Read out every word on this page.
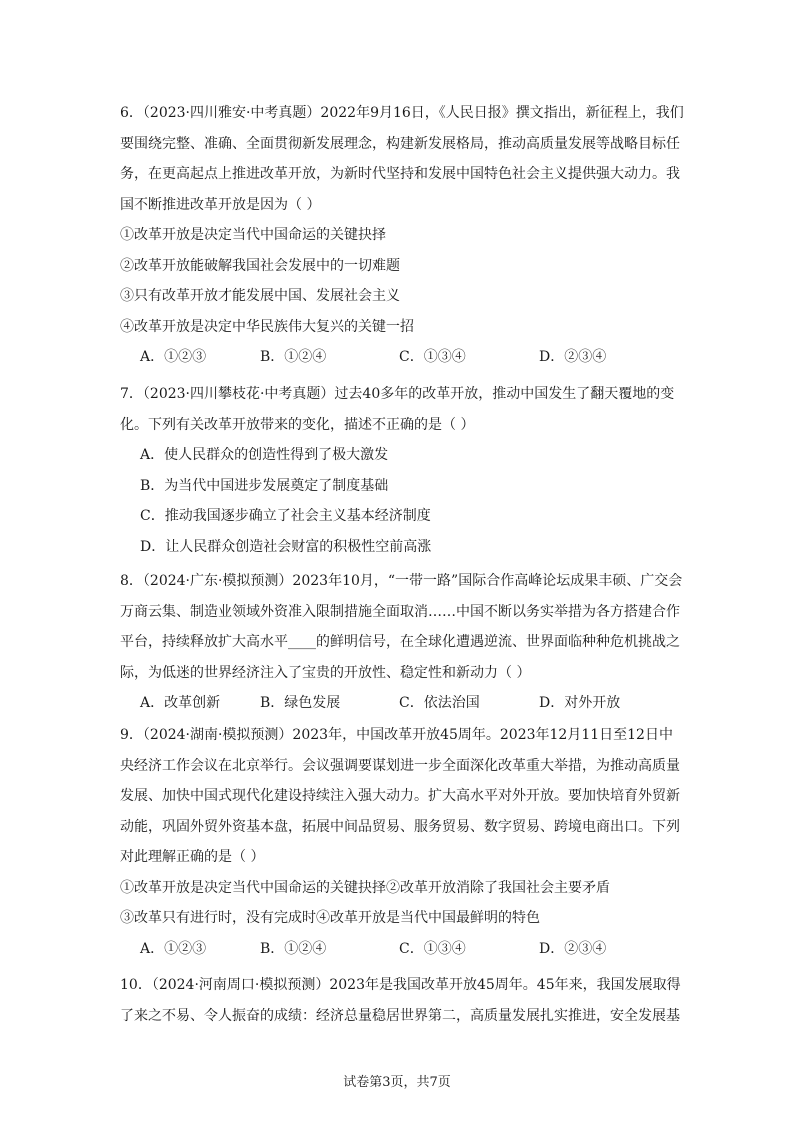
6．（2023·四川雅安·中考真题）2022年9月16日，《人民日报》撰文指出，新征程上，我们
要围绕完整、准确、全面贯彻新发展理念，构建新发展格局，推动高质量发展等战略目标任
务，在更高起点上推进改革开放，为新时代坚持和发展中国特色社会主义提供强大动力。我
国不断推进改革开放是因为（ ）
①改革开放是决定当代中国命运的关键抉择
②改革开放能破解我国社会发展中的一切难题
③只有改革开放才能发展中国、发展社会主义
④改革开放是决定中华民族伟大复兴的关键一招
A．①②③	B．①②④	C．①③④	D．②③④
7．（2023·四川攀枝花·中考真题）过去40多年的改革开放，推动中国发生了翻天覆地的变
化。下列有关改革开放带来的变化，描述不正确的是（ ）
A．使人民群众的创造性得到了极大激发
B．为当代中国进步发展奠定了制度基础
C．推动我国逐步确立了社会主义基本经济制度
D．让人民群众创造社会财富的积极性空前高涨
8．（2024·广东·模拟预测）2023年10月，“一带一路”国际合作高峰论坛成果丰硕、广交会
万商云集、制造业领域外资准入限制措施全面取消……中国不断以务实举措为各方搭建合作
平台，持续释放扩大高水平____的鲜明信号，在全球化遭遇逆流、世界面临种种危机挑战之
际，为低迷的世界经济注入了宝贵的开放性、稳定性和新动力（ ）
A．改革创新	B．绿色发展	C．依法治国	D．对外开放
9．（2024·湖南·模拟预测）2023年，中国改革开放45周年。2023年12月11日至12日中
央经济工作会议在北京举行。会议强调要谋划进一步全面深化改革重大举措，为推动高质量
发展、加快中国式现代化建设持续注入强大动力。扩大高水平对外开放。要加快培育外贸新
动能，巩固外贸外资基本盘，拓展中间品贸易、服务贸易、数字贸易、跨境电商出口。下列
对此理解正确的是（ ）
①改革开放是决定当代中国命运的关键抉择②改革开放消除了我国社会主要矛盾
③改革只有进行时，没有完成时④改革开放是当代中国最鲜明的特色
A．①②③	B．①②④	C．①③④	D．②③④
10．（2024·河南周口·模拟预测）2023年是我国改革开放45周年。45年来，我国发展取得
了来之不易、令人振奋的成绩：经济总量稳居世界第二，高质量发展扎实推进，安全发展基
试卷第3页，共7页
